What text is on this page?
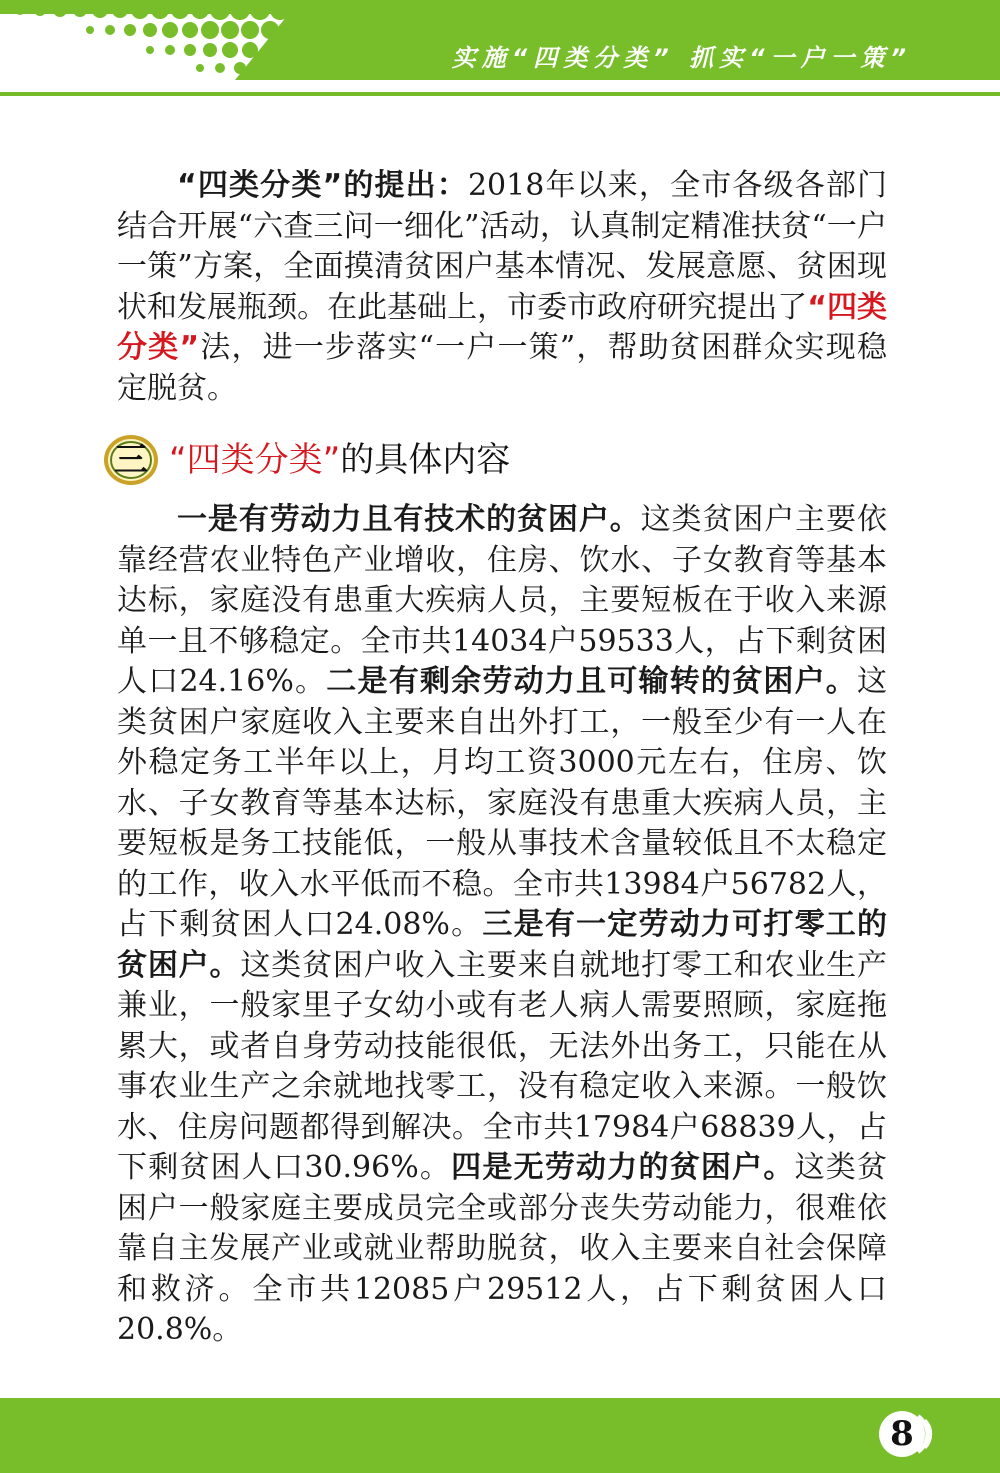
实施“四类分类” 抓实“一户一策”

“四类分类”的提出：2018年以来，全市各级各部门结合开展“六查三问一细化”活动，认真制定精准扶贫“一户一策”方案，全面摸清贫困户基本情况、发展意愿、贫困现状和发展瓶颈。在此基础上，市委市政府研究提出了“四类分类”法，进一步落实“一户一策”，帮助贫困群众实现稳定脱贫。

三 “四类分类”的具体内容

一是有劳动力且有技术的贫困户。这类贫困户主要依靠经营农业特色产业增收，住房、饮水、子女教育等基本达标，家庭没有患重大疾病人员，主要短板在于收入来源单一且不够稳定。全市共14034户59533人，占下剩贫困人口24.16%。二是有剩余劳动力且可输转的贫困户。这类贫困户家庭收入主要来自出外打工，一般至少有一人在外稳定务工半年以上，月均工资3000元左右，住房、饮水、子女教育等基本达标，家庭没有患重大疾病人员，主要短板是务工技能低，一般从事技术含量较低且不太稳定的工作，收入水平低而不稳。全市共13984户56782人，占下剩贫困人口24.08%。三是有一定劳动力可打零工的贫困户。这类贫困户收入主要来自就地打零工和农业生产兼业，一般家里子女幼小或有老人病人需要照顾，家庭拖累大，或者自身劳动技能很低，无法外出务工，只能在从事农业生产之余就地找零工，没有稳定收入来源。一般饮水、住房问题都得到解决。全市共17984户68839人，占下剩贫困人口30.96%。四是无劳动力的贫困户。这类贫困户一般家庭主要成员完全或部分丧失劳动能力，很难依靠自主发展产业或就业帮助脱贫，收入主要来自社会保障和救济。全市共12085户29512人，占下剩贫困人口20.8%。

8
